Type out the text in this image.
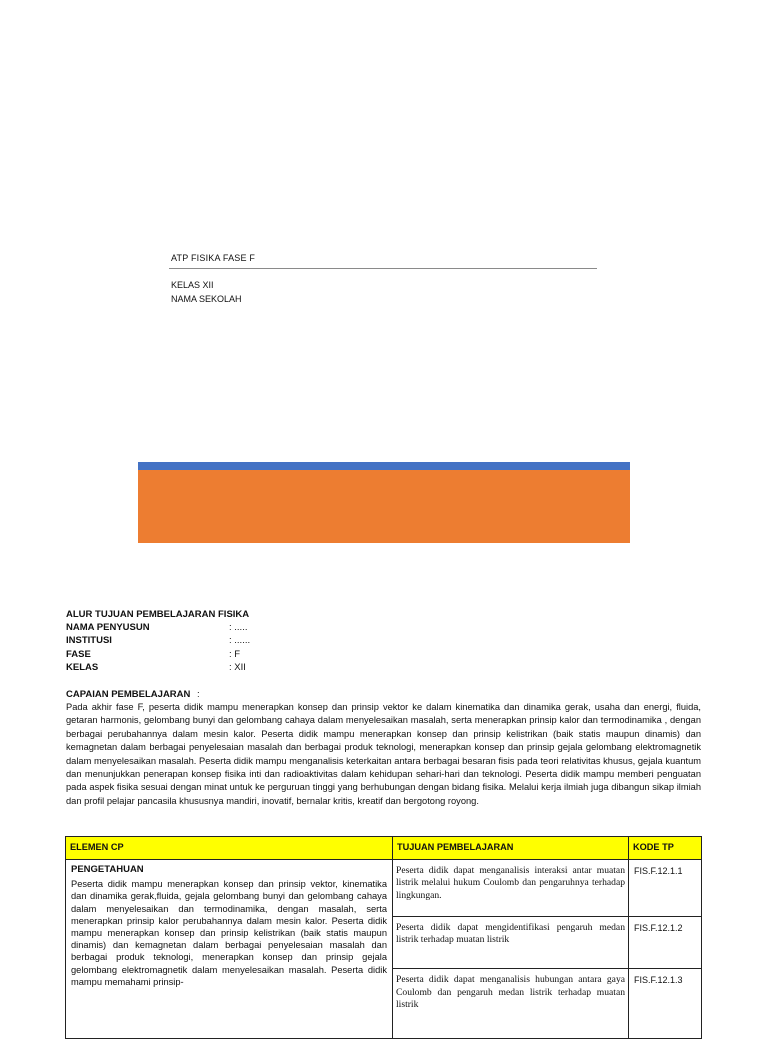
ATP FISIKA FASE F
KELAS XII
NAMA SEKOLAH
ALUR TUJUAN PEMBELAJARAN FISIKA
NAMA PENYUSUN	: .....
INSTITUSI	: ......
FASE	: F
KELAS	: XII
CAPAIAN PEMBELAJARAN :
Pada akhir fase F, peserta didik mampu menerapkan konsep dan prinsip vektor ke dalam kinematika dan dinamika gerak, usaha dan energi, fluida, getaran harmonis, gelombang bunyi dan gelombang cahaya dalam menyelesaikan masalah, serta menerapkan prinsip kalor dan termodinamika , dengan berbagai perubahannya dalam mesin kalor. Peserta didik mampu menerapkan konsep dan prinsip kelistrikan (baik statis maupun dinamis) dan kemagnetan dalam berbagai penyelesaian masalah dan berbagai produk teknologi, menerapkan konsep dan prinsip gejala gelombang elektromagnetik dalam menyelesaikan masalah. Peserta didik mampu menganalisis keterkaitan antara berbagai besaran fisis pada teori relativitas khusus, gejala kuantum dan menunjukkan penerapan konsep fisika inti dan radioaktivitas dalam kehidupan sehari-hari dan teknologi. Peserta didik mampu memberi penguatan pada aspek fisika sesuai dengan minat untuk ke perguruan tinggi yang berhubungan dengan bidang fisika. Melalui kerja ilmiah juga dibangun sikap ilmiah dan profil pelajar pancasila khususnya mandiri, inovatif, bernalar kritis, kreatif dan bergotong royong.
ELEMEN CP	TUJUAN PEMBELAJARAN	KODE TP

PENGETAHUAN
Peserta didik mampu menerapkan konsep dan prinsip vektor, kinematika dan dinamika gerak,fluida, gejala gelombang bunyi dan gelombang cahaya dalam menyelesaikan dan termodinamika, dengan masalah, serta menerapkan prinsip kalor perubahannya dalam mesin kalor. Peserta didik mampu menerapkan konsep dan prinsip kelistrikan (baik statis maupun dinamis) dan kemagnetan dalam berbagai penyelesaian masalah dan berbagai produk teknologi, menerapkan konsep dan prinsip gejala gelombang elektromagnetik dalam menyelesaikan masalah. Peserta didik mampu memahami prinsip-	Peserta didik dapat menganalisis interaksi antar muatan listrik melalui hukum Coulomb dan pengaruhnya terhadap lingkungan.	FIS.F.12.1.1
	Peserta didik dapat mengidentifikasi pengaruh medan listrik terhadap muatan listrik	FIS.F.12.1.2
	Peserta didik dapat menganalisis hubungan antara gaya Coulomb dan pengaruh medan listrik terhadap muatan listrik	FIS.F.12.1.3
